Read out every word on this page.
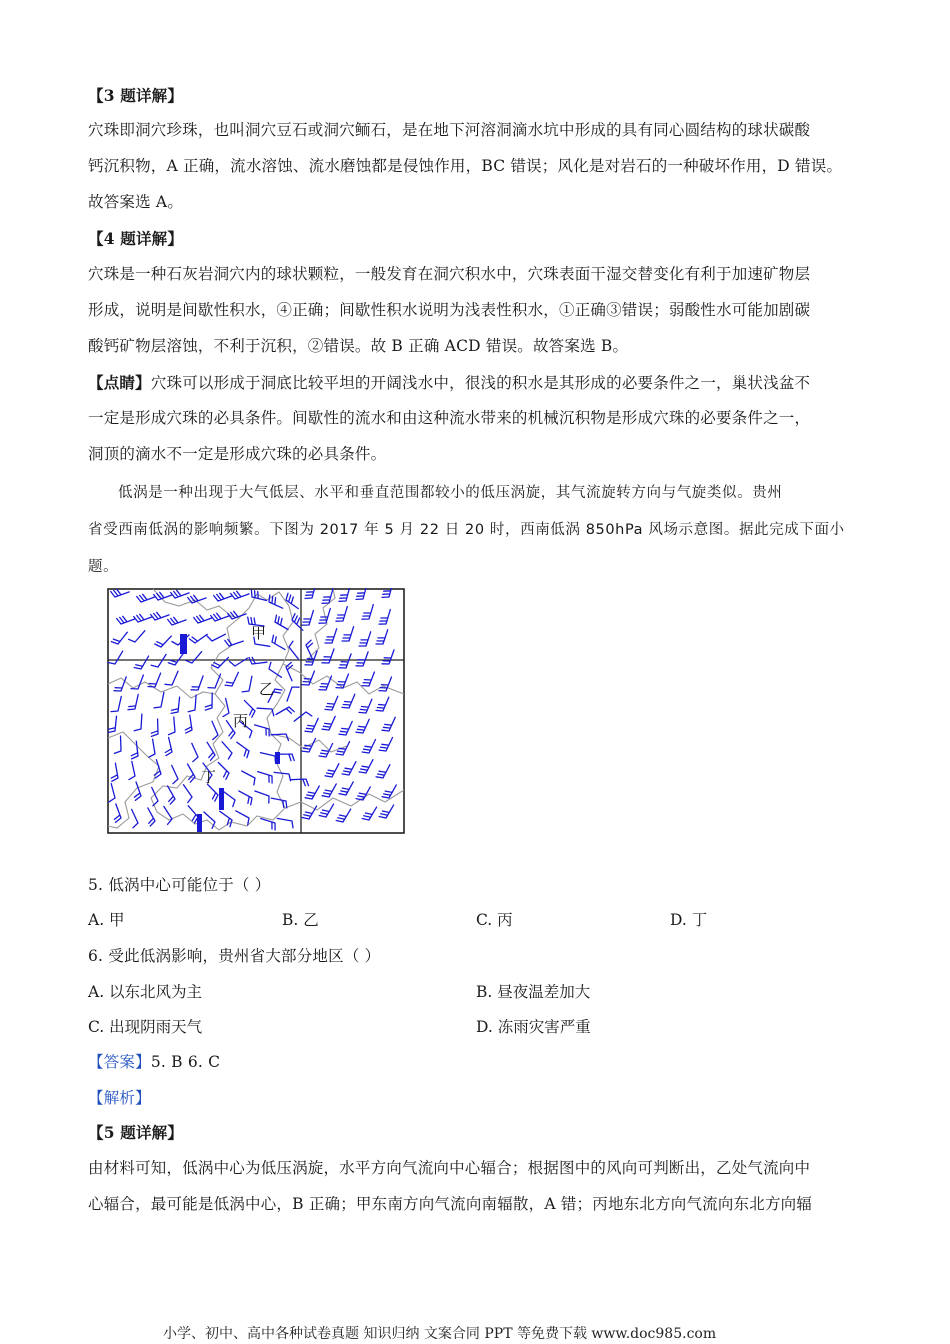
【3 题详解】
穴珠即洞穴珍珠，也叫洞穴豆石或洞穴鲕石，是在地下河溶洞滴水坑中形成的具有同心圆结构的球状碳酸
钙沉积物，A 正确，流水溶蚀、流水磨蚀都是侵蚀作用，BC 错误；风化是对岩石的一种破坏作用，D 错误。
故答案选 A。
【4 题详解】
穴珠是一种石灰岩洞穴内的球状颗粒，一般发育在洞穴积水中，穴珠表面干湿交替变化有利于加速矿物层
形成，说明是间歇性积水，④正确；间歇性积水说明为浅表性积水，①正确③错误；弱酸性水可能加剧碳
酸钙矿物层溶蚀，不利于沉积，②错误。故 B 正确 ACD 错误。故答案选 B。
【点睛】穴珠可以形成于洞底比较平坦的开阔浅水中，很浅的积水是其形成的必要条件之一，巢状浅盆不
一定是形成穴珠的必具条件。间歇性的流水和由这种流水带来的机械沉积物是形成穴珠的必要条件之一，
洞顶的滴水不一定是形成穴珠的必具条件。
低涡是一种出现于大气低层、水平和垂直范围都较小的低压涡旋，其气流旋转方向与气旋类似。贵州
省受西南低涡的影响频繁。下图为 2017 年 5 月 22 日 20 时，西南低涡 850hPa 风场示意图。据此完成下面小
题。
甲
乙
丙
丁
5. 低涡中心可能位于（ ）
A. 甲	B. 乙	C. 丙	D. 丁
6. 受此低涡影响，贵州省大部分地区（ ）
A. 以东北风为主	B. 昼夜温差加大
C. 出现阴雨天气	D. 冻雨灾害严重
【答案】5. B 6. C
【解析】
【5 题详解】
由材料可知，低涡中心为低压涡旋，水平方向气流向中心辐合；根据图中的风向可判断出，乙处气流向中
心辐合，最可能是低涡中心，B 正确；甲东南方向气流向南辐散，A 错；丙地东北方向气流向东北方向辐
小学、初中、高中各种试卷真题 知识归纳 文案合同 PPT 等免费下载 www.doc985.com
